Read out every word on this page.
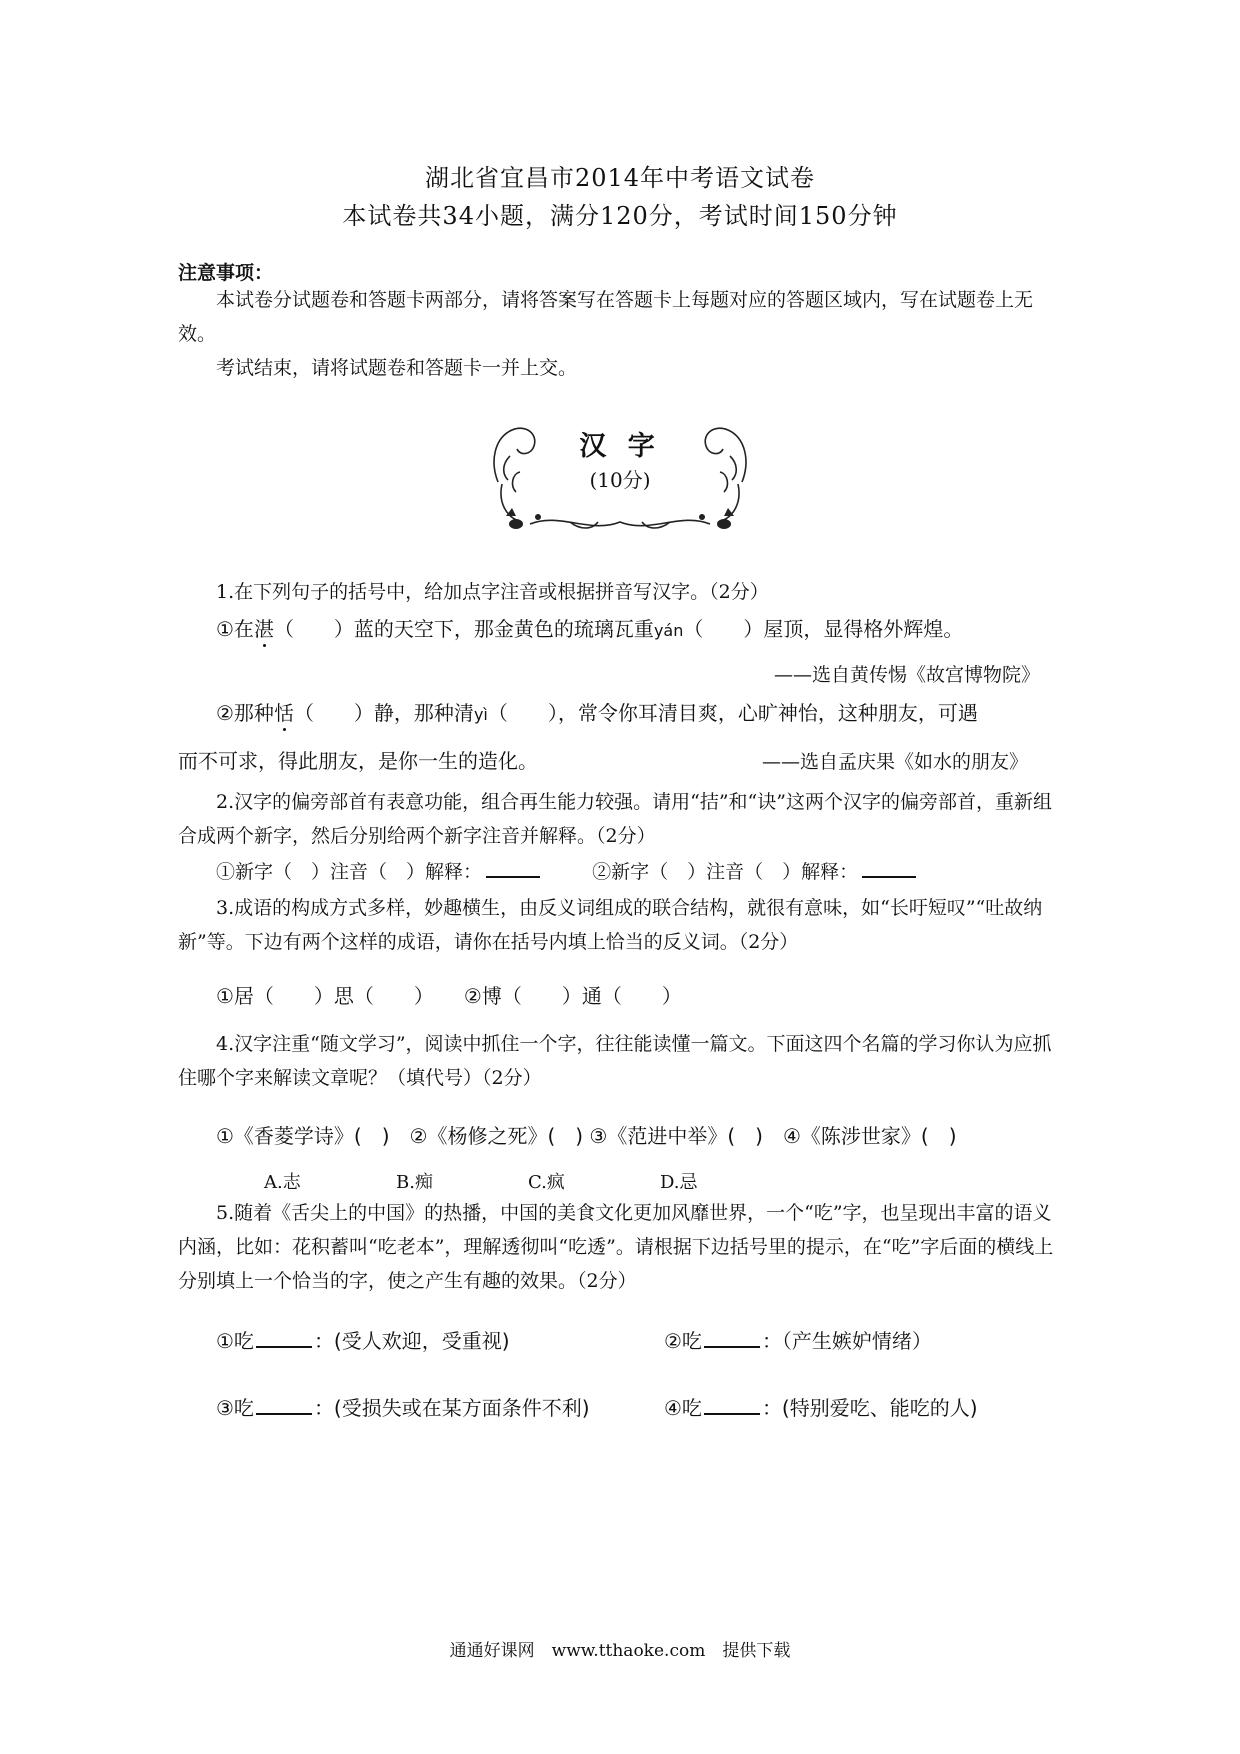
湖北省宜昌市2014年中考语文试卷
本试卷共34小题，满分120分，考试时间150分钟
注意事项：
本试卷分试题卷和答题卡两部分，请将答案写在答题卡上每题对应的答题区域内，写在试题卷上无效。
考试结束，请将试题卷和答题卡一并上交。
汉 字
(10分)
1.在下列句子的括号中，给加点字注音或根据拼音写汉字。（2分）
①在湛（　　）蓝的天空下，那金黄色的琉璃瓦重yán（　　）屋顶，显得格外辉煌。
——选自黄传惕《故宫博物院》
②那种恬（　　）静，那种清yì（　　），常令你耳清目爽，心旷神怡，这种朋友，可遇
而不可求，得此朋友，是你一生的造化。	——选自孟庆果《如水的朋友》
2.汉字的偏旁部首有表意功能，组合再生能力较强。请用“拮”和“诀”这两个汉字的偏旁部首，重新组合成两个新字，然后分别给两个新字注音并解释。（2分）
①新字（　）注音（　）解释：	②新字（　）注音（　）解释：
3.成语的构成方式多样，妙趣横生，由反义词组成的联合结构，就很有意味，如“长吁短叹”“吐故纳新”等。下边有两个这样的成语，请你在括号内填上恰当的反义词。（2分）
①居（　　）思（　　）　　②博（　　）通（　　）
4.汉字注重“随文学习”，阅读中抓住一个字，往往能读懂一篇文。下面这四个名篇的学习你认为应抓住哪个字来解读文章呢？（填代号）（2分）
①《香菱学诗》(　)　②《杨修之死》(　) ③《范进中举》(　)　④《陈涉世家》(　)
A.志	B.痴	C.疯	D.忌
5.随着《舌尖上的中国》的热播，中国的美食文化更加风靡世界，一个“吃”字，也呈现出丰富的语义内涵，比如：花积蓄叫“吃老本”，理解透彻叫“吃透”。请根据下边括号里的提示，在“吃”字后面的横线上分别填上一个恰当的字，使之产生有趣的效果。（2分）
①吃	：(受人欢迎，受重视)	②吃	：（产生嫉妒情绪）
③吃	：(受损失或在某方面条件不利)	④吃	：(特别爱吃、能吃的人)
通通好课网　www.tthaoke.com　提供下载
